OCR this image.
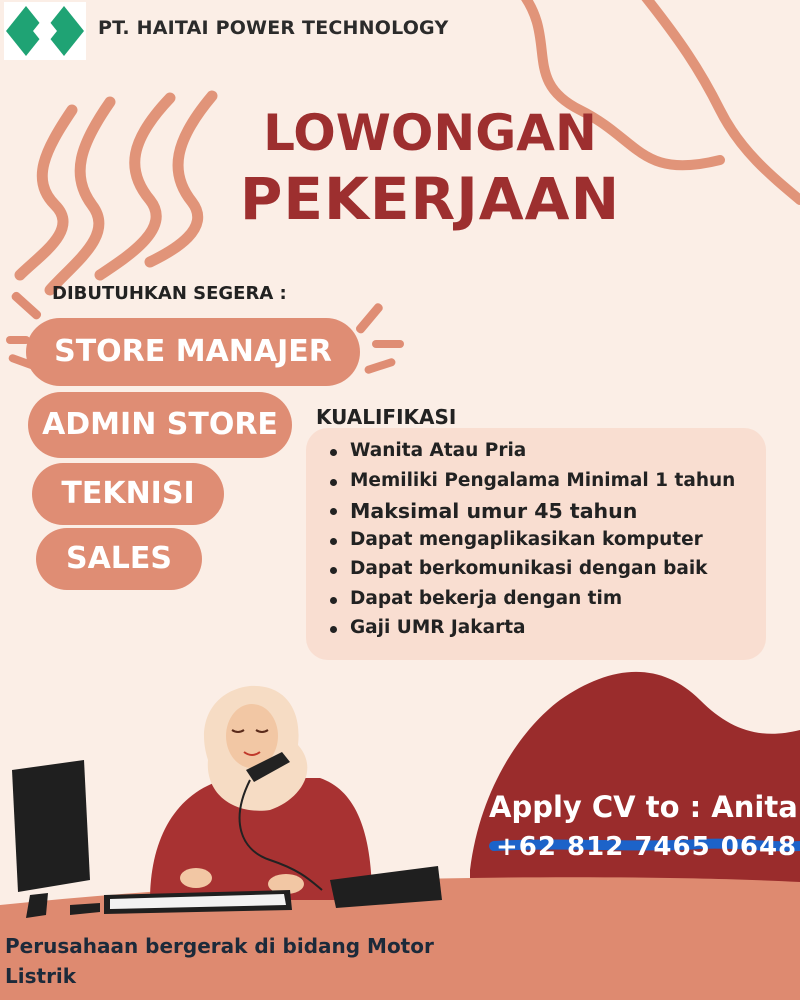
PT. HAITAI POWER TECHNOLOGY
LOWONGAN
PEKERJAAN
DIBUTUHKAN SEGERA :
STORE MANAJER
ADMIN STORE
TEKNISI
SALES
KUALIFIKASI
Wanita Atau Pria
Memiliki Pengalama Minimal 1 tahun
Maksimal umur 45 tahun
Dapat mengaplikasikan komputer
Dapat berkomunikasi dengan baik
Dapat bekerja dengan tim
Gaji UMR Jakarta
Apply CV to : Anita
+62 812 7465 0648
Perusahaan bergerak di bidang Motor Listrik
